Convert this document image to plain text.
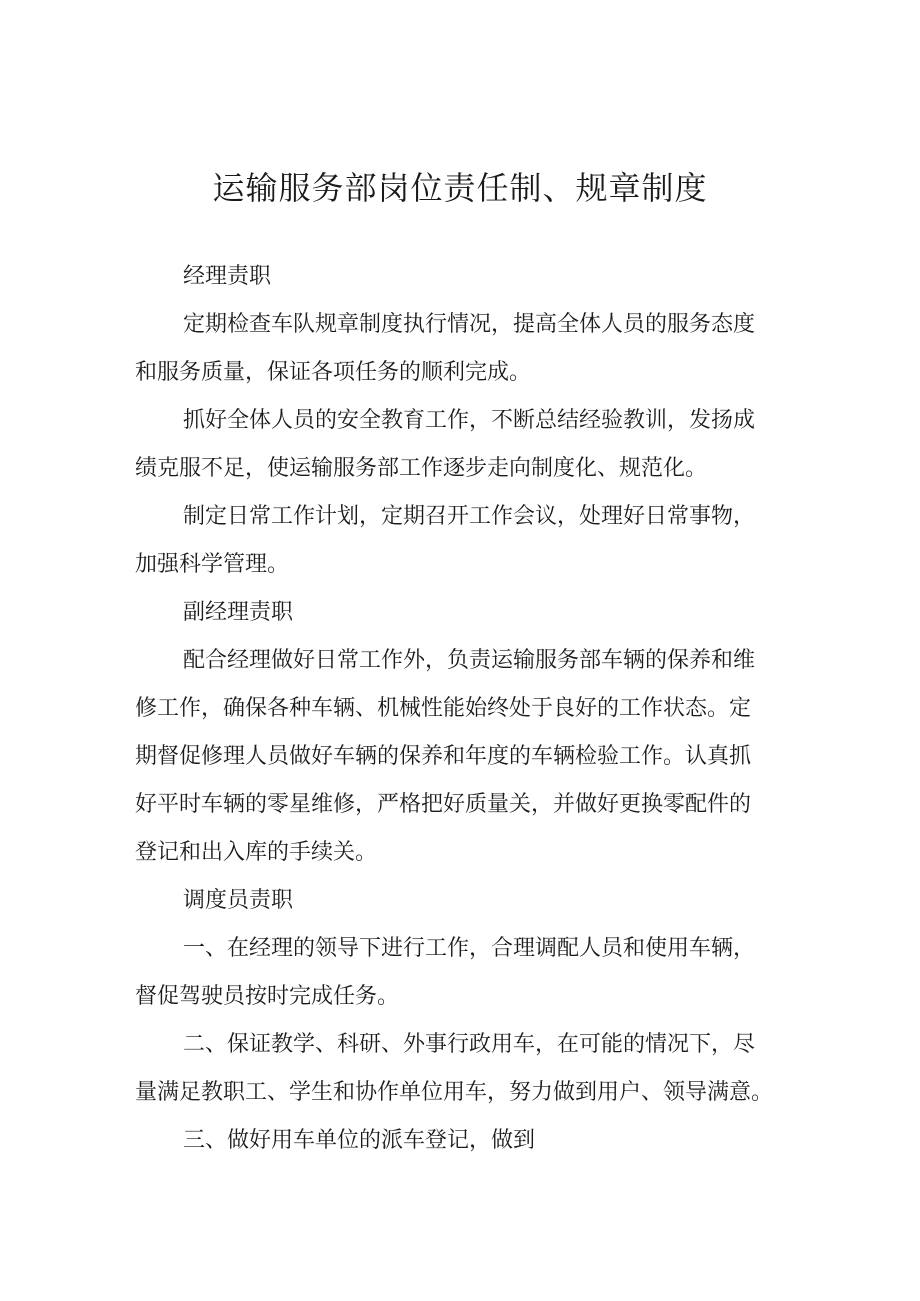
运输服务部岗位责任制、规章制度
经理责职
定期检查车队规章制度执行情况，提高全体人员的服务态度
和服务质量，保证各项任务的顺利完成。
抓好全体人员的安全教育工作，不断总结经验教训，发扬成
绩克服不足，使运输服务部工作逐步走向制度化、规范化。
制定日常工作计划，定期召开工作会议，处理好日常事物，
加强科学管理。
副经理责职
配合经理做好日常工作外，负责运输服务部车辆的保养和维
修工作，确保各种车辆、机械性能始终处于良好的工作状态。定
期督促修理人员做好车辆的保养和年度的车辆检验工作。认真抓
好平时车辆的零星维修，严格把好质量关，并做好更换零配件的
登记和出入库的手续关。
调度员责职
一、在经理的领导下进行工作，合理调配人员和使用车辆，
督促驾驶员按时完成任务。
二、保证教学、科研、外事行政用车，在可能的情况下，尽
量满足教职工、学生和协作单位用车，努力做到用户、领导满意。
三、做好用车单位的派车登记，做到
